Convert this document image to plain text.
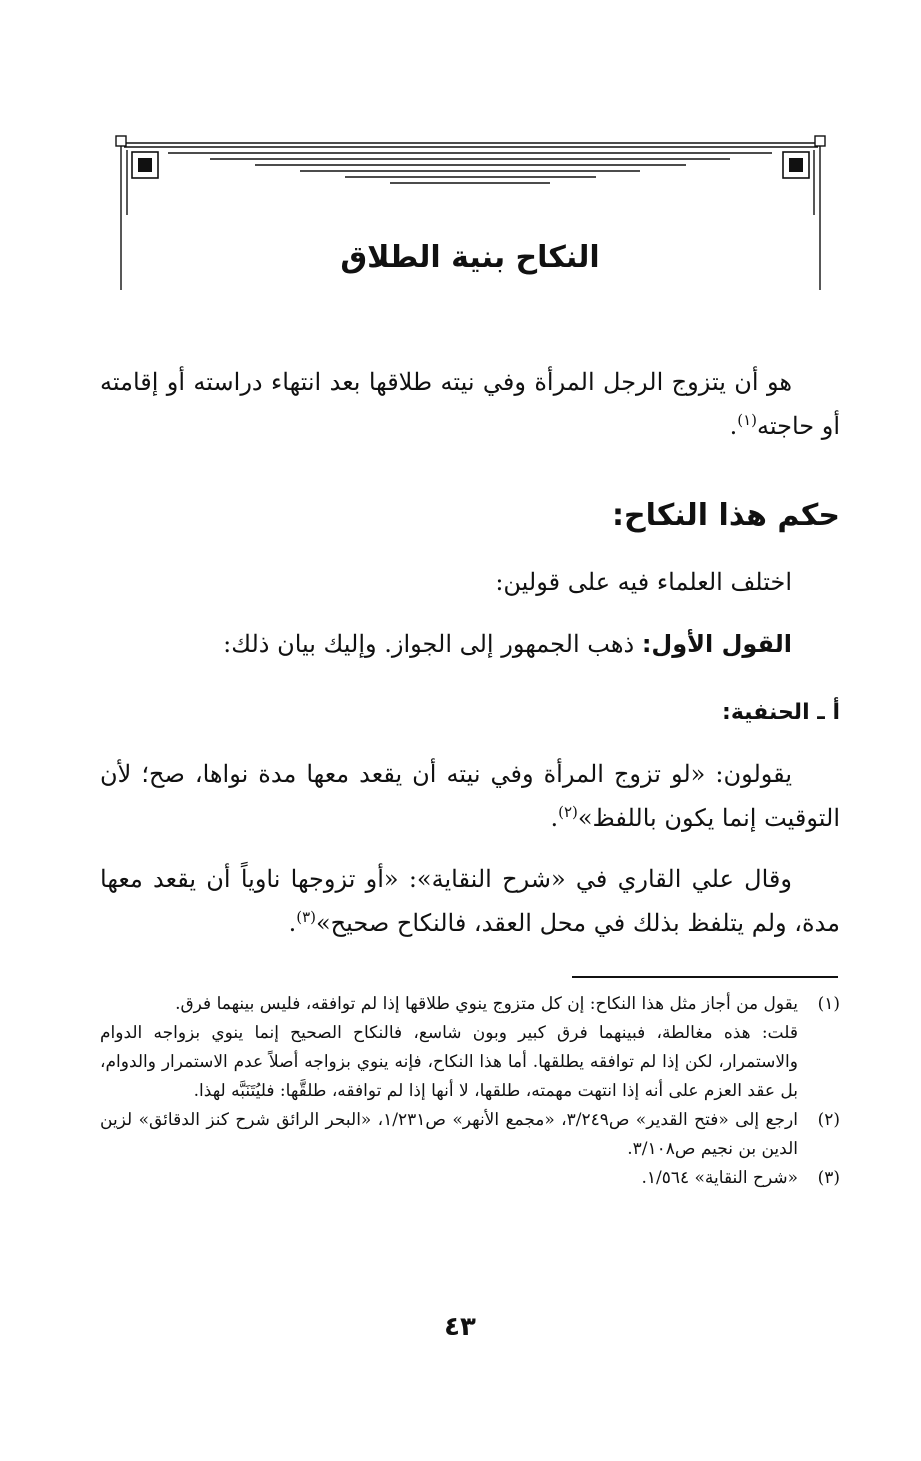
النكاح بنية الطلاق

هو أن يتزوج الرجل المرأة وفي نيته طلاقها بعد انتهاء دراسته أو إقامته أو حاجته$^{(١)}$.

حكم هذا النكاح:

اختلف العلماء فيه على قولين:

القول الأول: ذهب الجمهور إلى الجواز. وإليك بيان ذلك:

أ ـ الحنفية:

يقولون: «لو تزوج المرأة وفي نيته أن يقعد معها مدة نواها، صح؛ لأن التوقيت إنما يكون باللفظ»$^{(٢)}$.

وقال علي القاري في «شرح النقاية»: «أو تزوجها ناوياً أن يقعد معها مدة، ولم يتلفظ بذلك في محل العقد، فالنكاح صحيح»$^{(٣)}$.

(١)
يقول من أجاز مثل هذا النكاح: إن كل متزوج ينوي طلاقها إذا لم توافقه، فليس بينهما فرق.
قلت: هذه مغالطة، فبينهما فرق كبير وبون شاسع، فالنكاح الصحيح إنما ينوي بزواجه الدوام والاستمرار، لكن إذا لم توافقه يطلقها. أما هذا النكاح، فإنه ينوي بزواجه أصلاً عدم الاستمرار والدوام، بل عقد العزم على أنه إذا انتهت مهمته، طلقها، لا أنها إذا لم توافقه، طلقَّها: فليُتَنَبَّه لهذا.
(٢)
ارجع إلى «فتح القدير» ص٣/٢٤٩، «مجمع الأنهر» ص١/٢٣١، «البحر الرائق شرح كنز الدقائق» لزين الدين بن نجيم ص٣/١٠٨.
(٣)
«شرح النقاية» ١/٥٦٤.
٤٣
